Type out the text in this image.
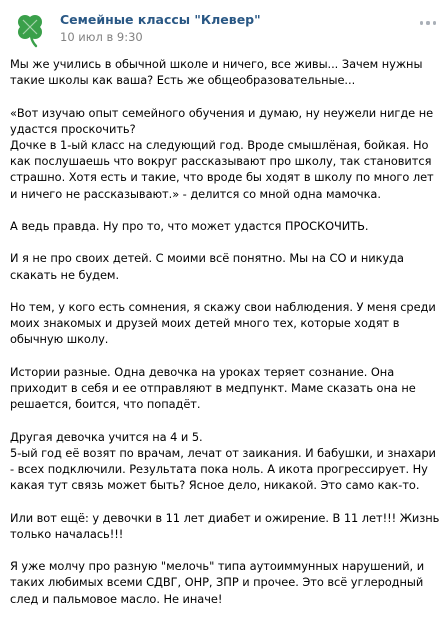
Семейные классы "Клевер"
10 июл в 9:30

Мы же учились в обычной школе и ничего, все живы... Зачем нужны такие школы как ваша? Есть же общеобразовательные...

«Вот изучаю опыт семейного обучения и думаю, ну неужели нигде не удастся проскочить?
Дочке в 1-ый класс на следующий год. Вроде смышлёная, бойкая. Но как послушаешь что вокруг рассказывают про школу, так становится страшно. Хотя есть и такие, что вроде бы ходят в школу по много лет и ничего не рассказывают.» - делится со мной одна мамочка.

А ведь правда. Ну про то, что может удастся ПРОСКОЧИТЬ.

И я не про своих детей. С моими всё понятно. Мы на СО и никуда скакать не будем.

Но тем, у кого есть сомнения, я скажу свои наблюдения. У меня среди моих знакомых и друзей моих детей много тех, которые ходят в обычную школу.

Истории разные. Одна девочка на уроках теряет сознание. Она приходит в себя и ее отправляют в медпункт. Маме сказать она не решается, боится, что попадёт.

Другая девочка учится на 4 и 5.
5-ый год её возят по врачам, лечат от заикания. И бабушки, и знахари - всех подключили. Результата пока ноль. А икота прогрессирует. Ну какая тут связь может быть? Ясное дело, никакой. Это само как-то.

Или вот ещё: у девочки в 11 лет диабет и ожирение. В 11 лет!!! Жизнь только началась!!!

Я уже молчу про разную "мелочь" типа аутоиммунных нарушений, и таких любимых всеми СДВГ, ОНР, ЗПР и прочее. Это всё углеродный след и пальмовое масло. Не иначе!
